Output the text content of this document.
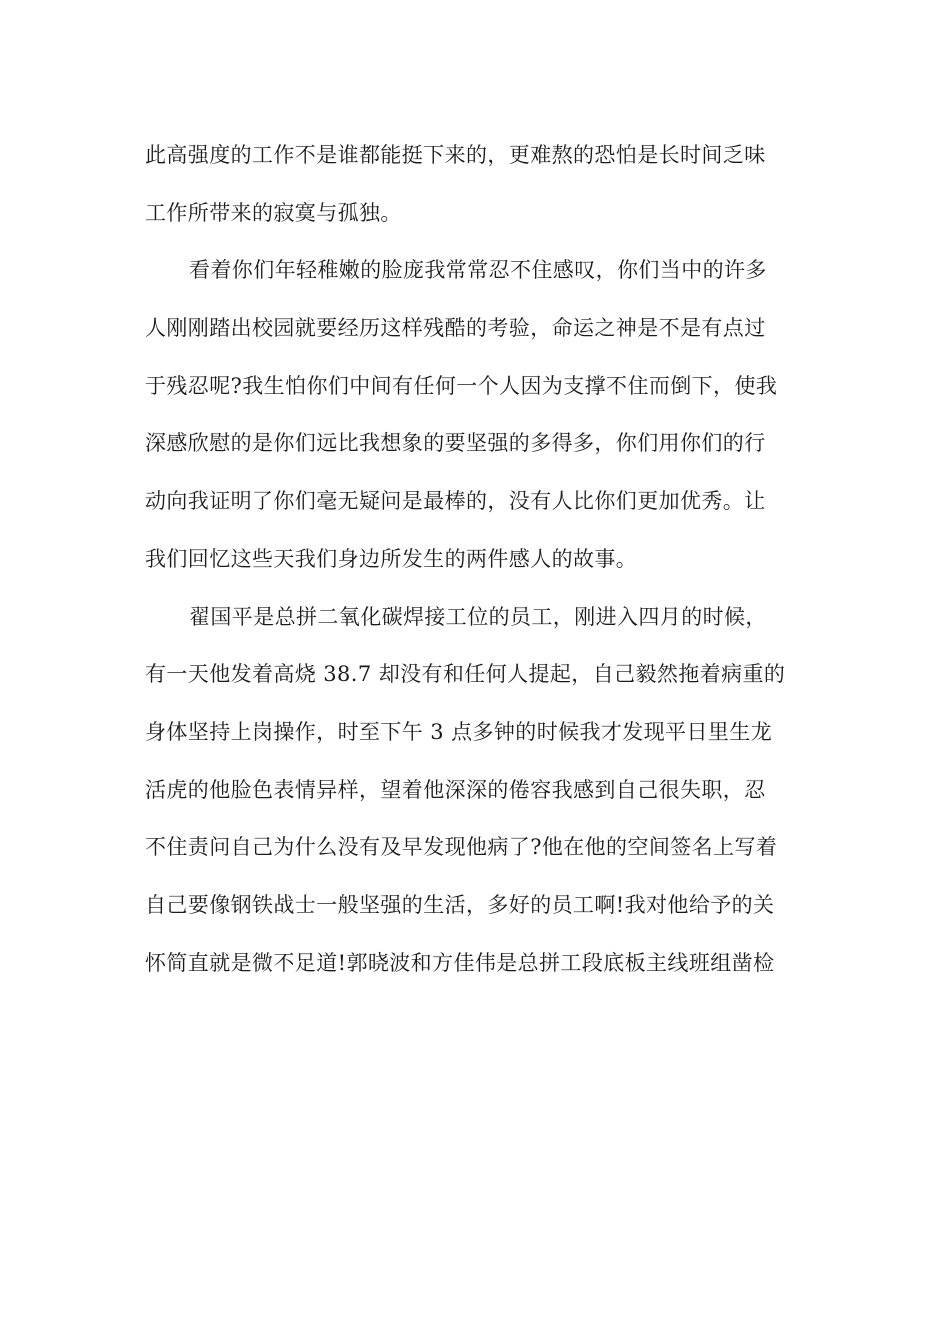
此高强度的工作不是谁都能挺下来的，更难熬的恐怕是长时间乏味
工作所带来的寂寞与孤独。
看着你们年轻稚嫩的脸庞我常常忍不住感叹，你们当中的许多
人刚刚踏出校园就要经历这样残酷的考验，命运之神是不是有点过
于残忍呢?我生怕你们中间有任何一个人因为支撑不住而倒下，使我
深感欣慰的是你们远比我想象的要坚强的多得多，你们用你们的行
动向我证明了你们毫无疑问是最棒的，没有人比你们更加优秀。让
我们回忆这些天我们身边所发生的两件感人的故事。
翟国平是总拼二氧化碳焊接工位的员工，刚进入四月的时候，
有一天他发着高烧 38.7 却没有和任何人提起，自己毅然拖着病重的
身体坚持上岗操作，时至下午 3 点多钟的时候我才发现平日里生龙
活虎的他脸色表情异样，望着他深深的倦容我感到自己很失职，忍
不住责问自己为什么没有及早发现他病了?他在他的空间签名上写着
自己要像钢铁战士一般坚强的生活，多好的员工啊!我对他给予的关
怀简直就是微不足道!郭晓波和方佳伟是总拼工段底板主线班组凿检
